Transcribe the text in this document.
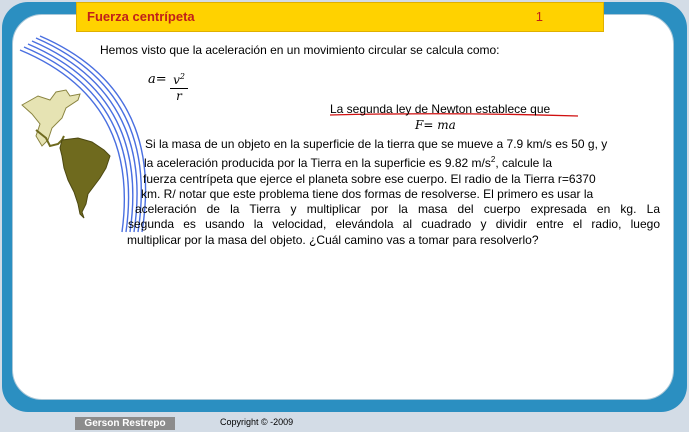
Fuerza centrípeta	1
Hemos visto que la aceleración en un movimiento circular se calcula como:
$a= \frac{v^2}{r}$
La segunda ley de Newton establece que
F= ma
Si la masa de un objeto en la superficie de la tierra que se mueve a 7.9 km/s es 50 g, y
la aceleración producida por la Tierra en la superficie es 9.82 $m/s^2$, calcule la
fuerza centrípeta que ejerce el planeta sobre ese cuerpo. El radio de la Tierra r=6370
km. R/ notar que este problema tiene dos formas de resolverse. El primero es usar la
aceleración de la Tierra y multiplicar por la masa del cuerpo expresada en kg. La
segunda es usando la velocidad, elevándola al cuadrado y dividir entre el radio, luego
multiplicar por la masa del objeto. ¿Cuál camino vas a tomar para resolverlo?
Gerson Restrepo	Copyright © -2009
